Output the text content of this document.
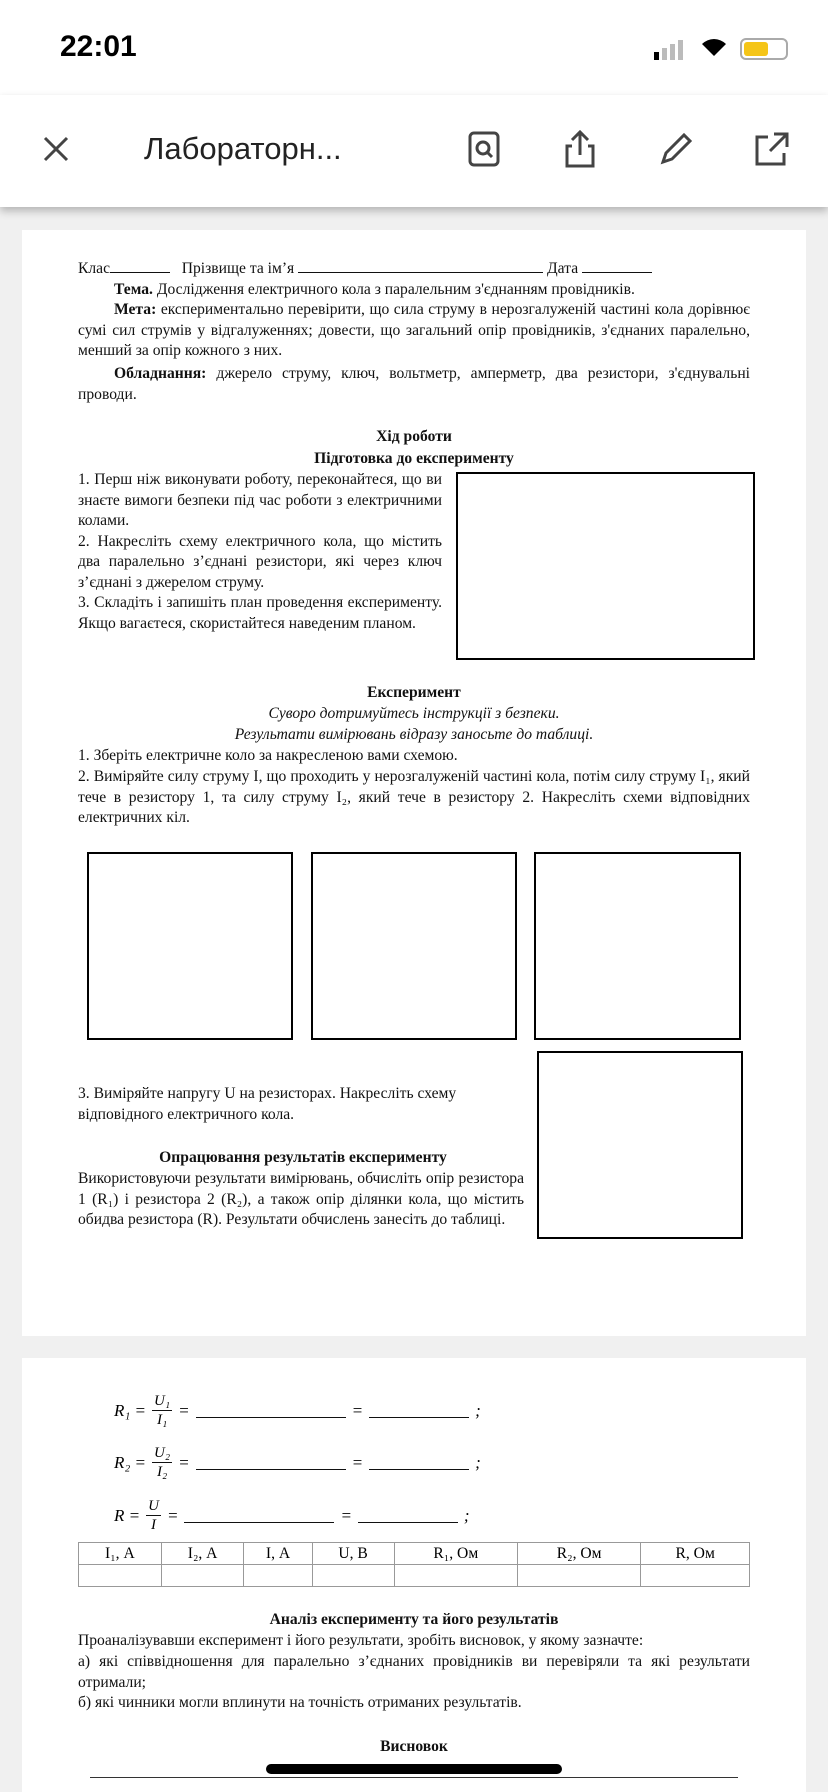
22:01
Лабораторн...
Клас	Прізвище та ім’я	Дата
Тема. Дослідження електричного кола з паралельним з'єднанням провідників.
Мета: експериментально перевірити, що сила струму в нерозгалуженій частині кола дорівнює сумі сил струмів у відгалуженнях; довести, що загальний опір провідників, з'єднаних паралельно, менший за опір кожного з них.
Обладнання: джерело струму, ключ, вольтметр, амперметр, два резистори, з'єднувальні проводи.
Хід роботи
Підготовка до експерименту
1. Перш ніж виконувати роботу, переконайтеся, що ви знаєте вимоги безпеки під час роботи з електричними колами.
2. Накресліть схему електричного кола, що містить два паралельно з’єднані резистори, які через ключ з’єднані з джерелом струму.
3. Складіть і запишіть план проведення експерименту. Якщо вагаєтеся, скористайтеся наведеним планом.
Експеримент
Суворо дотримуйтесь інструкції з безпеки.
Результати вимірювань відразу заносьте до таблиці.
1. Зберіть електричне коло за накресленою вами схемою.
2. Виміряйте силу струму I, що проходить у нерозгалуженій частині кола, потім силу струму I₁, який тече в резистору 1, та силу струму I₂, який тече в резистору 2. Накресліть схеми відповідних електричних кіл.
3. Виміряйте напругу U на резисторах. Накресліть схему відповідного електричного кола.
Опрацювання результатів експерименту
Використовуючи результати вимірювань, обчисліть опір резистора 1 (R₁) і резистора 2 (R₂), а також опір ділянки кола, що містить обидва резистора (R). Результати обчислень занесіть до таблиці.
$R_1 = \frac{\text{U₁}}{\text{I₁}}$ =	=	;
$R_2 = \frac{\text{U₂}}{\text{I₂}}$ =	=	;
$R = \frac{U}{I}$ =	=	;
I₁, А	I₂, А	I, А	U, В	R₁, Ом	R₂, Ом	R, Ом

Аналіз експерименту та його результатів
Проаналізувавши експеримент і його результати, зробіть висновок, у якому зазначте:
а) які співвідношення для паралельно з’єднаних провідників ви перевіряли та які результати отримали;
б) які чинники могли вплинути на точність отриманих результатів.
Висновок
